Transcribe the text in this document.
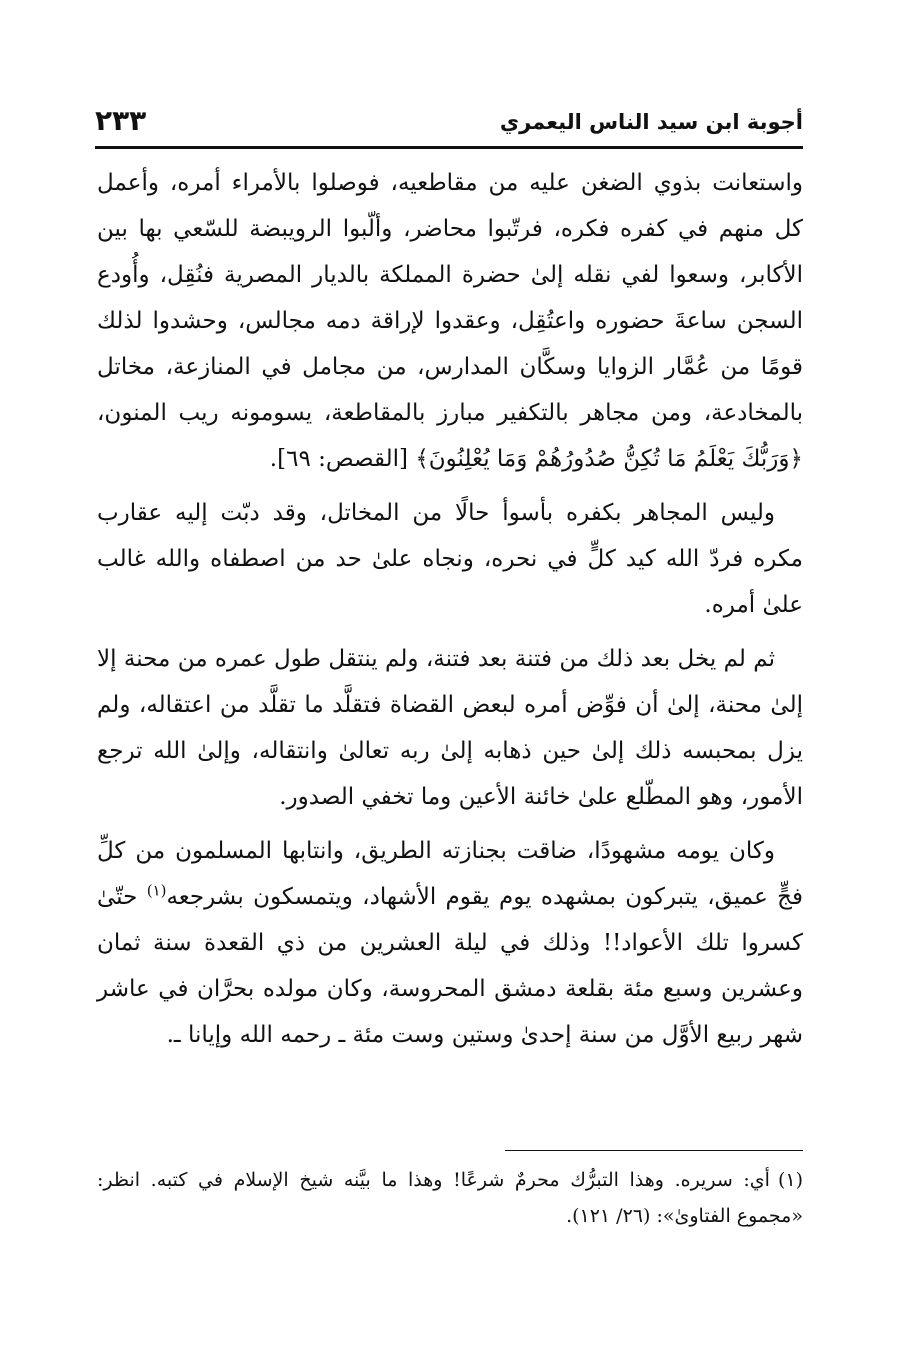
أجوبة ابن سيد الناس اليعمري
٢٣٣

واستعانت بذوي الضغن عليه من مقاطعيه، فوصلوا بالأمراء أمره، وأعمل كل منهم في كفره فكره، فرتّبوا محاضر، وألّبوا الرويبضة للسّعي بها بين الأكابر، وسعوا لفي نقله إلىٰ حضرة المملكة بالديار المصرية فنُقِل، وأُودع السجن ساعةَ حضوره واعتُقِل، وعقدوا لإراقة دمه مجالس، وحشدوا لذلك قومًا من عُمَّار الزوايا وسكَّان المدارس، من مجامل في المنازعة، مخاتل بالمخادعة، ومن مجاهر بالتكفير مبارز بالمقاطعة، يسومونه ريب المنون، ﴿وَرَبُّكَ يَعْلَمُ مَا تُكِنُّ صُدُورُهُمْ وَمَا يُعْلِنُونَ﴾ [القصص: ٦٩].

وليس المجاهر بكفره بأسوأ حالًا من المخاتل، وقد دبّت إليه عقارب مكره فردّ الله كيد كلٍّ في نحره، ونجاه علىٰ حد من اصطفاه والله غالب علىٰ أمره.

ثم لم يخل بعد ذلك من فتنة بعد فتنة، ولم ينتقل طول عمره من محنة إلا إلىٰ محنة، إلىٰ أن فوِّض أمره لبعض القضاة فتقلَّد ما تقلَّد من اعتقاله، ولم يزل بمحبسه ذلك إلىٰ حين ذهابه إلىٰ ربه تعالىٰ وانتقاله، وإلىٰ الله ترجع الأمور، وهو المطّلع علىٰ خائنة الأعين وما تخفي الصدور.

وكان يومه مشهودًا، ضاقت بجنازته الطريق، وانتابها المسلمون من كلِّ فجٍّ عميق، يتبركون بمشهده يوم يقوم الأشهاد، ويتمسكون بشرجعه$^{(١)}$ حتّىٰ كسروا تلك الأعواد!! وذلك في ليلة العشرين من ذي القعدة سنة ثمان وعشرين وسبع مئة بقلعة دمشق المحروسة، وكان مولده بحرَّان في عاشر شهر ربيع الأوَّل من سنة إحدىٰ وستين وست مئة ـ رحمه الله وإيانا ـ.

(١)أي: سريره. وهذا التبرُّك محرمٌ شرعًا! وهذا ما بيَّنه شيخ الإسلام في كتبه. انظر: «مجموع الفتاوىٰ»: (٢٦/ ١٢١).
